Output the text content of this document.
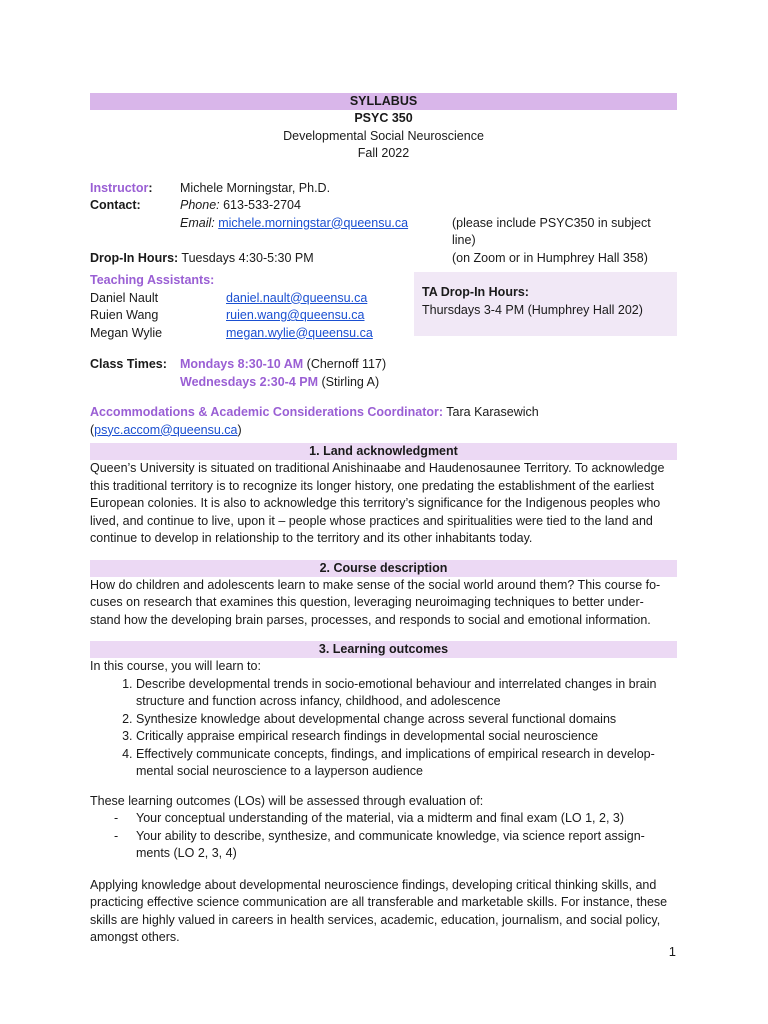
SYLLABUS
PSYC 350
Developmental Social Neuroscience
Fall 2022
Instructor:	Michele Morningstar, Ph.D.
Contact:	Phone: 613-533-2704
Email: michele.morningstar@queensu.ca	(please include PSYC350 in subject line)
Drop-In Hours: Tuesdays 4:30-5:30 PM	(on Zoom or in Humphrey Hall 358)
Teaching Assistants:
Daniel Nault	daniel.nault@queensu.ca
Ruien Wang	ruien.wang@queensu.ca
Megan Wylie	megan.wylie@queensu.ca
TA Drop-In Hours:
Thursdays 3-4 PM (Humphrey Hall 202)
Class Times:	Mondays 8:30-10 AM (Chernoff 117)
Wednesdays 2:30-4 PM (Stirling A)
Accommodations & Academic Considerations Coordinator: Tara Karasewich (psyc.accom@queensu.ca)
1. Land acknowledgment
Queen’s University is situated on traditional Anishinaabe and Haudenosaunee Territory. To acknowledge
this traditional territory is to recognize its longer history, one predating the establishment of the earliest
European colonies. It is also to acknowledge this territory’s significance for the Indigenous peoples who
lived, and continue to live, upon it – people whose practices and spiritualities were tied to the land and
continue to develop in relationship to the territory and its other inhabitants today.
2. Course description
How do children and adolescents learn to make sense of the social world around them? This course fo-
cuses on research that examines this question, leveraging neuroimaging techniques to better under-
stand how the developing brain parses, processes, and responds to social and emotional information.
3. Learning outcomes
In this course, you will learn to:
1. Describe developmental trends in socio-emotional behaviour and interrelated changes in brain
structure and function across infancy, childhood, and adolescence
2. Synthesize knowledge about developmental change across several functional domains
3. Critically appraise empirical research findings in developmental social neuroscience
4. Effectively communicate concepts, findings, and implications of empirical research in develop-
mental social neuroscience to a layperson audience
These learning outcomes (LOs) will be assessed through evaluation of:
- Your conceptual understanding of the material, via a midterm and final exam (LO 1, 2, 3)
- Your ability to describe, synthesize, and communicate knowledge, via science report assign-
ments (LO 2, 3, 4)
Applying knowledge about developmental neuroscience findings, developing critical thinking skills, and
practicing effective science communication are all transferable and marketable skills. For instance, these
skills are highly valued in careers in health services, academic, education, journalism, and social policy,
amongst others.
1
